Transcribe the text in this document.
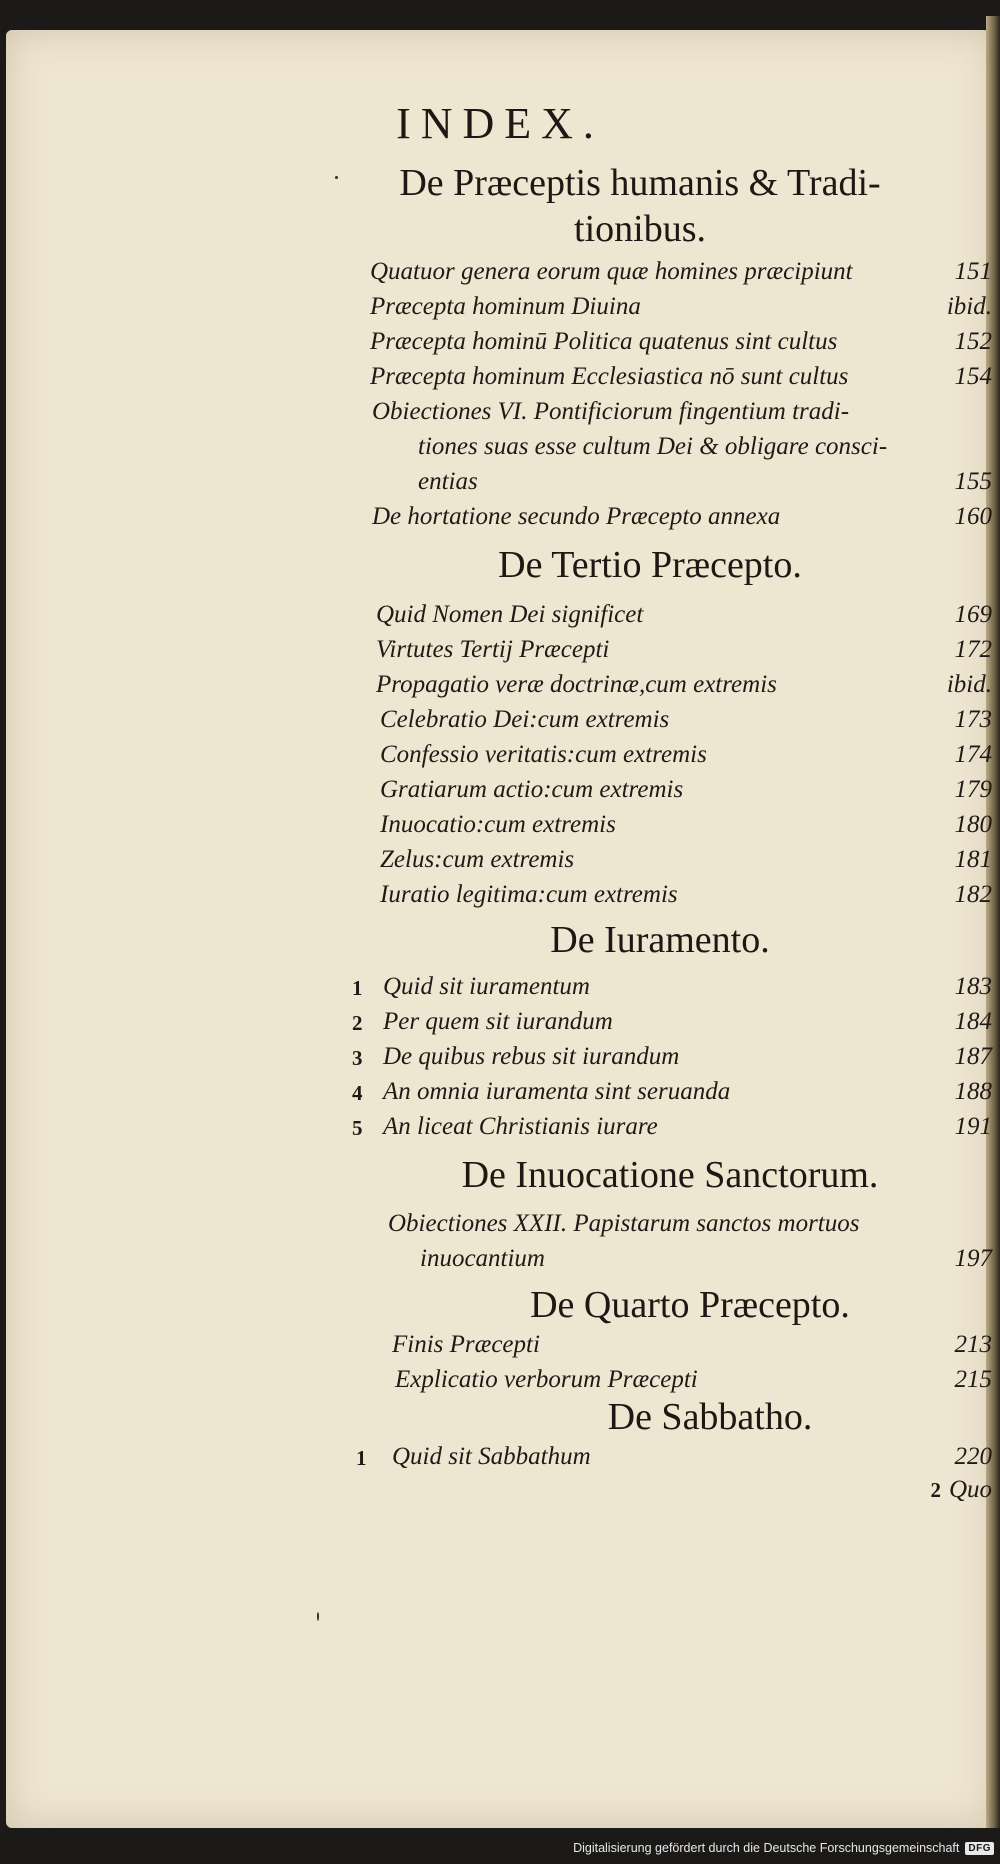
INDEX.
De Præceptis humanis & Tradi-
tionibus.
Quatuor genera eorum quæ homines præcipiunt	151
Præcepta hominum Diuina	ibid.
Præcepta hominū Politica quatenus sint cultus	152
Præcepta hominum Ecclesiastica nō sunt cultus	154
Obiectiones VI. Pontificiorum fingentium tradi-
tiones suas esse cultum Dei & obligare consci-
entias	155
De hortatione secundo Præcepto annexa	160
De Tertio Præcepto.
Quid Nomen Dei significet	169
Virtutes Tertij Præcepti	172
Propagatio veræ doctrinæ,cum extremis	ibid.
Celebratio Dei:cum extremis	173
Confessio veritatis:cum extremis	174
Gratiarum actio:cum extremis	179
Inuocatio:cum extremis	180
Zelus:cum extremis	181
Iuratio legitima:cum extremis	182
De Iuramento.
1 Quid sit iuramentum	183
2 Per quem sit iurandum	184
3 De quibus rebus sit iurandum	187
4 An omnia iuramenta sint seruanda	188
5 An liceat Christianis iurare	191
De Inuocatione Sanctorum.
Obiectiones XXII. Papistarum sanctos mortuos
inuocantium	197
De Quarto Præcepto.
Finis Præcepti	213
Explicatio verborum Præcepti	215
De Sabbatho.
1 Quid sit Sabbathum	220
2 Quo
Digitalisierung gefördert durch die Deutsche Forschungsgemeinschaft DFG
